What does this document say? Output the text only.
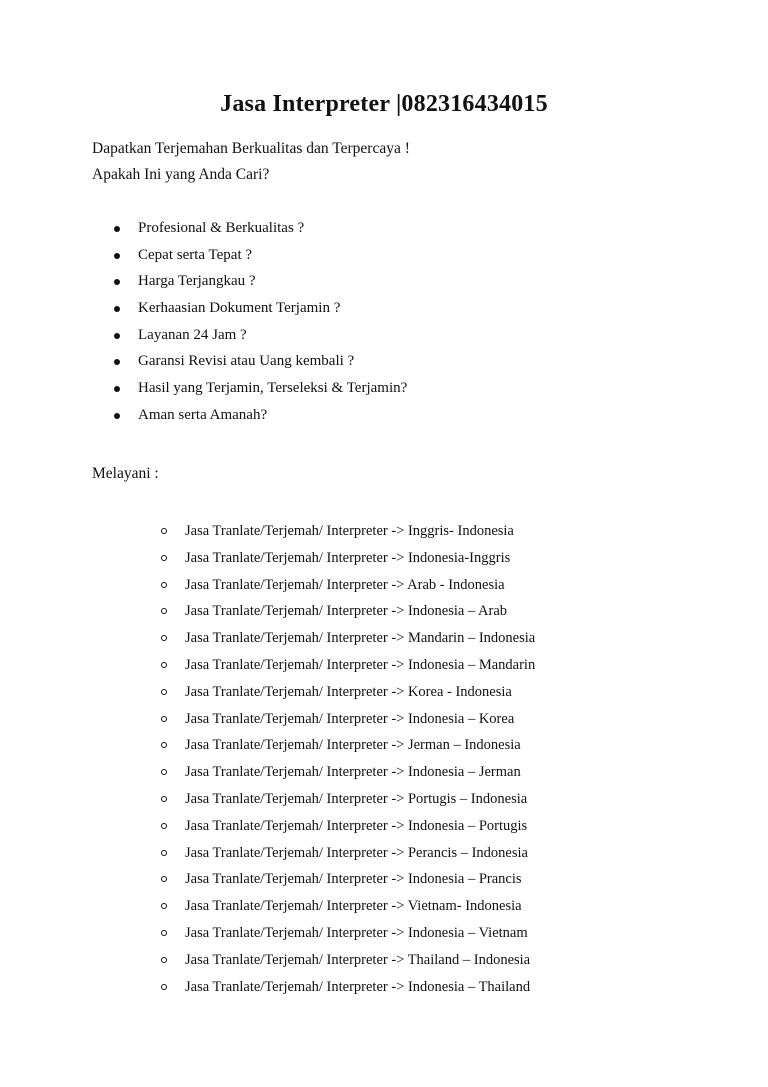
Jasa Interpreter |082316434015
Dapatkan Terjemahan Berkualitas dan Terpercaya !
Apakah Ini yang Anda Cari?
Profesional & Berkualitas ?
Cepat serta Tepat ?
Harga Terjangkau ?
Kerhaasian Dokument Terjamin ?
Layanan 24 Jam ?
Garansi Revisi atau Uang kembali ?
Hasil yang Terjamin, Terseleksi & Terjamin?
Aman serta Amanah?
Melayani :
Jasa Tranlate/Terjemah/ Interpreter -> Inggris- Indonesia
Jasa Tranlate/Terjemah/ Interpreter -> Indonesia-Inggris
Jasa Tranlate/Terjemah/ Interpreter -> Arab - Indonesia
Jasa Tranlate/Terjemah/ Interpreter -> Indonesia – Arab
Jasa Tranlate/Terjemah/ Interpreter -> Mandarin – Indonesia
Jasa Tranlate/Terjemah/ Interpreter -> Indonesia – Mandarin
Jasa Tranlate/Terjemah/ Interpreter -> Korea - Indonesia
Jasa Tranlate/Terjemah/ Interpreter -> Indonesia – Korea
Jasa Tranlate/Terjemah/ Interpreter -> Jerman – Indonesia
Jasa Tranlate/Terjemah/ Interpreter -> Indonesia – Jerman
Jasa Tranlate/Terjemah/ Interpreter -> Portugis – Indonesia
Jasa Tranlate/Terjemah/ Interpreter -> Indonesia – Portugis
Jasa Tranlate/Terjemah/ Interpreter -> Perancis – Indonesia
Jasa Tranlate/Terjemah/ Interpreter -> Indonesia – Prancis
Jasa Tranlate/Terjemah/ Interpreter -> Vietnam- Indonesia
Jasa Tranlate/Terjemah/ Interpreter -> Indonesia – Vietnam
Jasa Tranlate/Terjemah/ Interpreter -> Thailand – Indonesia
Jasa Tranlate/Terjemah/ Interpreter -> Indonesia – Thailand
